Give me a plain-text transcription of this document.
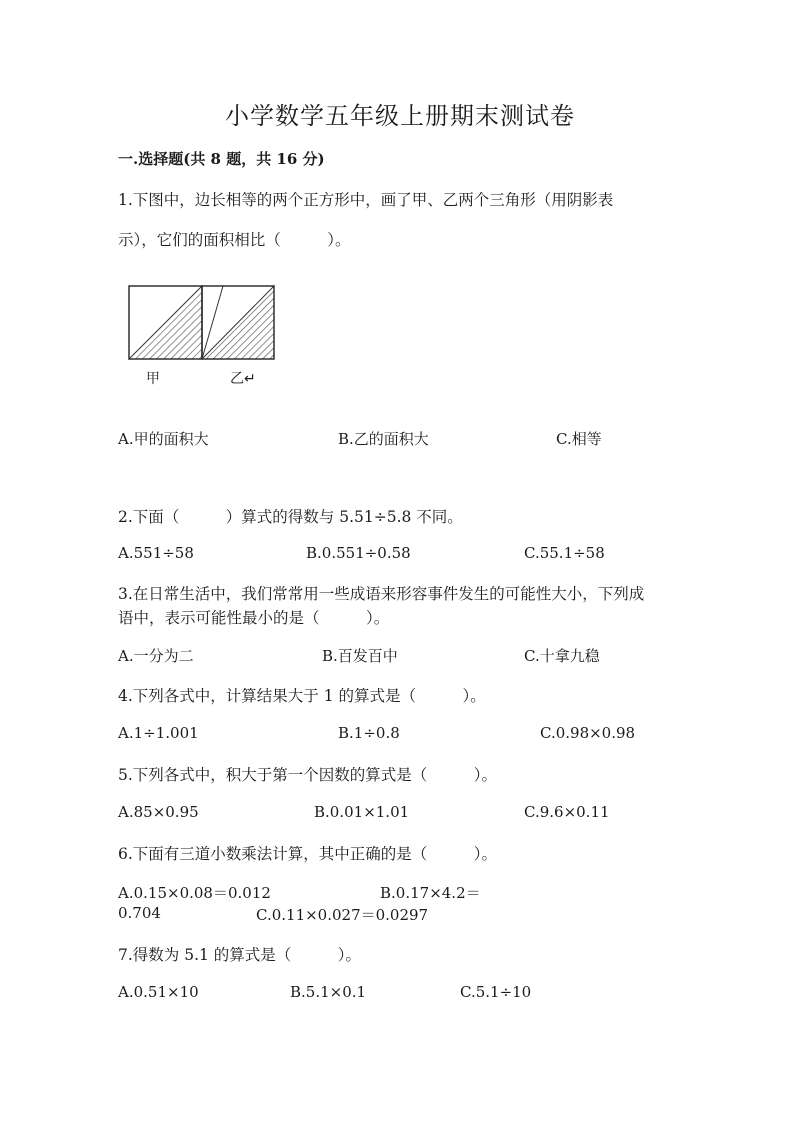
小学数学五年级上册期末测试卷
一.选择题(共 8 题，共 16 分)
1.下图中，边长相等的两个正方形中，画了甲、乙两个三角形（用阴影表
示），它们的面积相比（　　　）。
甲	乙↵
A.甲的面积大	B.乙的面积大	C.相等
2.下面（　　　）算式的得数与 5.51÷5.8 不同。
A.551÷58	B.0.551÷0.58	C.55.1÷58
3.在日常生活中，我们常常用一些成语来形容事件发生的可能性大小，下列成
语中，表示可能性最小的是（　　　）。
A.一分为二	B.百发百中	C.十拿九稳
4.下列各式中，计算结果大于 1 的算式是（　　　）。
A.1÷1.001	B.1÷0.8	C.0.98×0.98
5.下列各式中，积大于第一个因数的算式是（　　　）。
A.85×0.95	B.0.01×1.01	C.9.6×0.11
6.下面有三道小数乘法计算，其中正确的是（　　　）。
A.0.15×0.08＝0.012	B.0.17×4.2＝
0.704	C.0.11×0.027＝0.0297
7.得数为 5.1 的算式是（　　　）。
A.0.51×10	B.5.1×0.1	C.5.1÷10
